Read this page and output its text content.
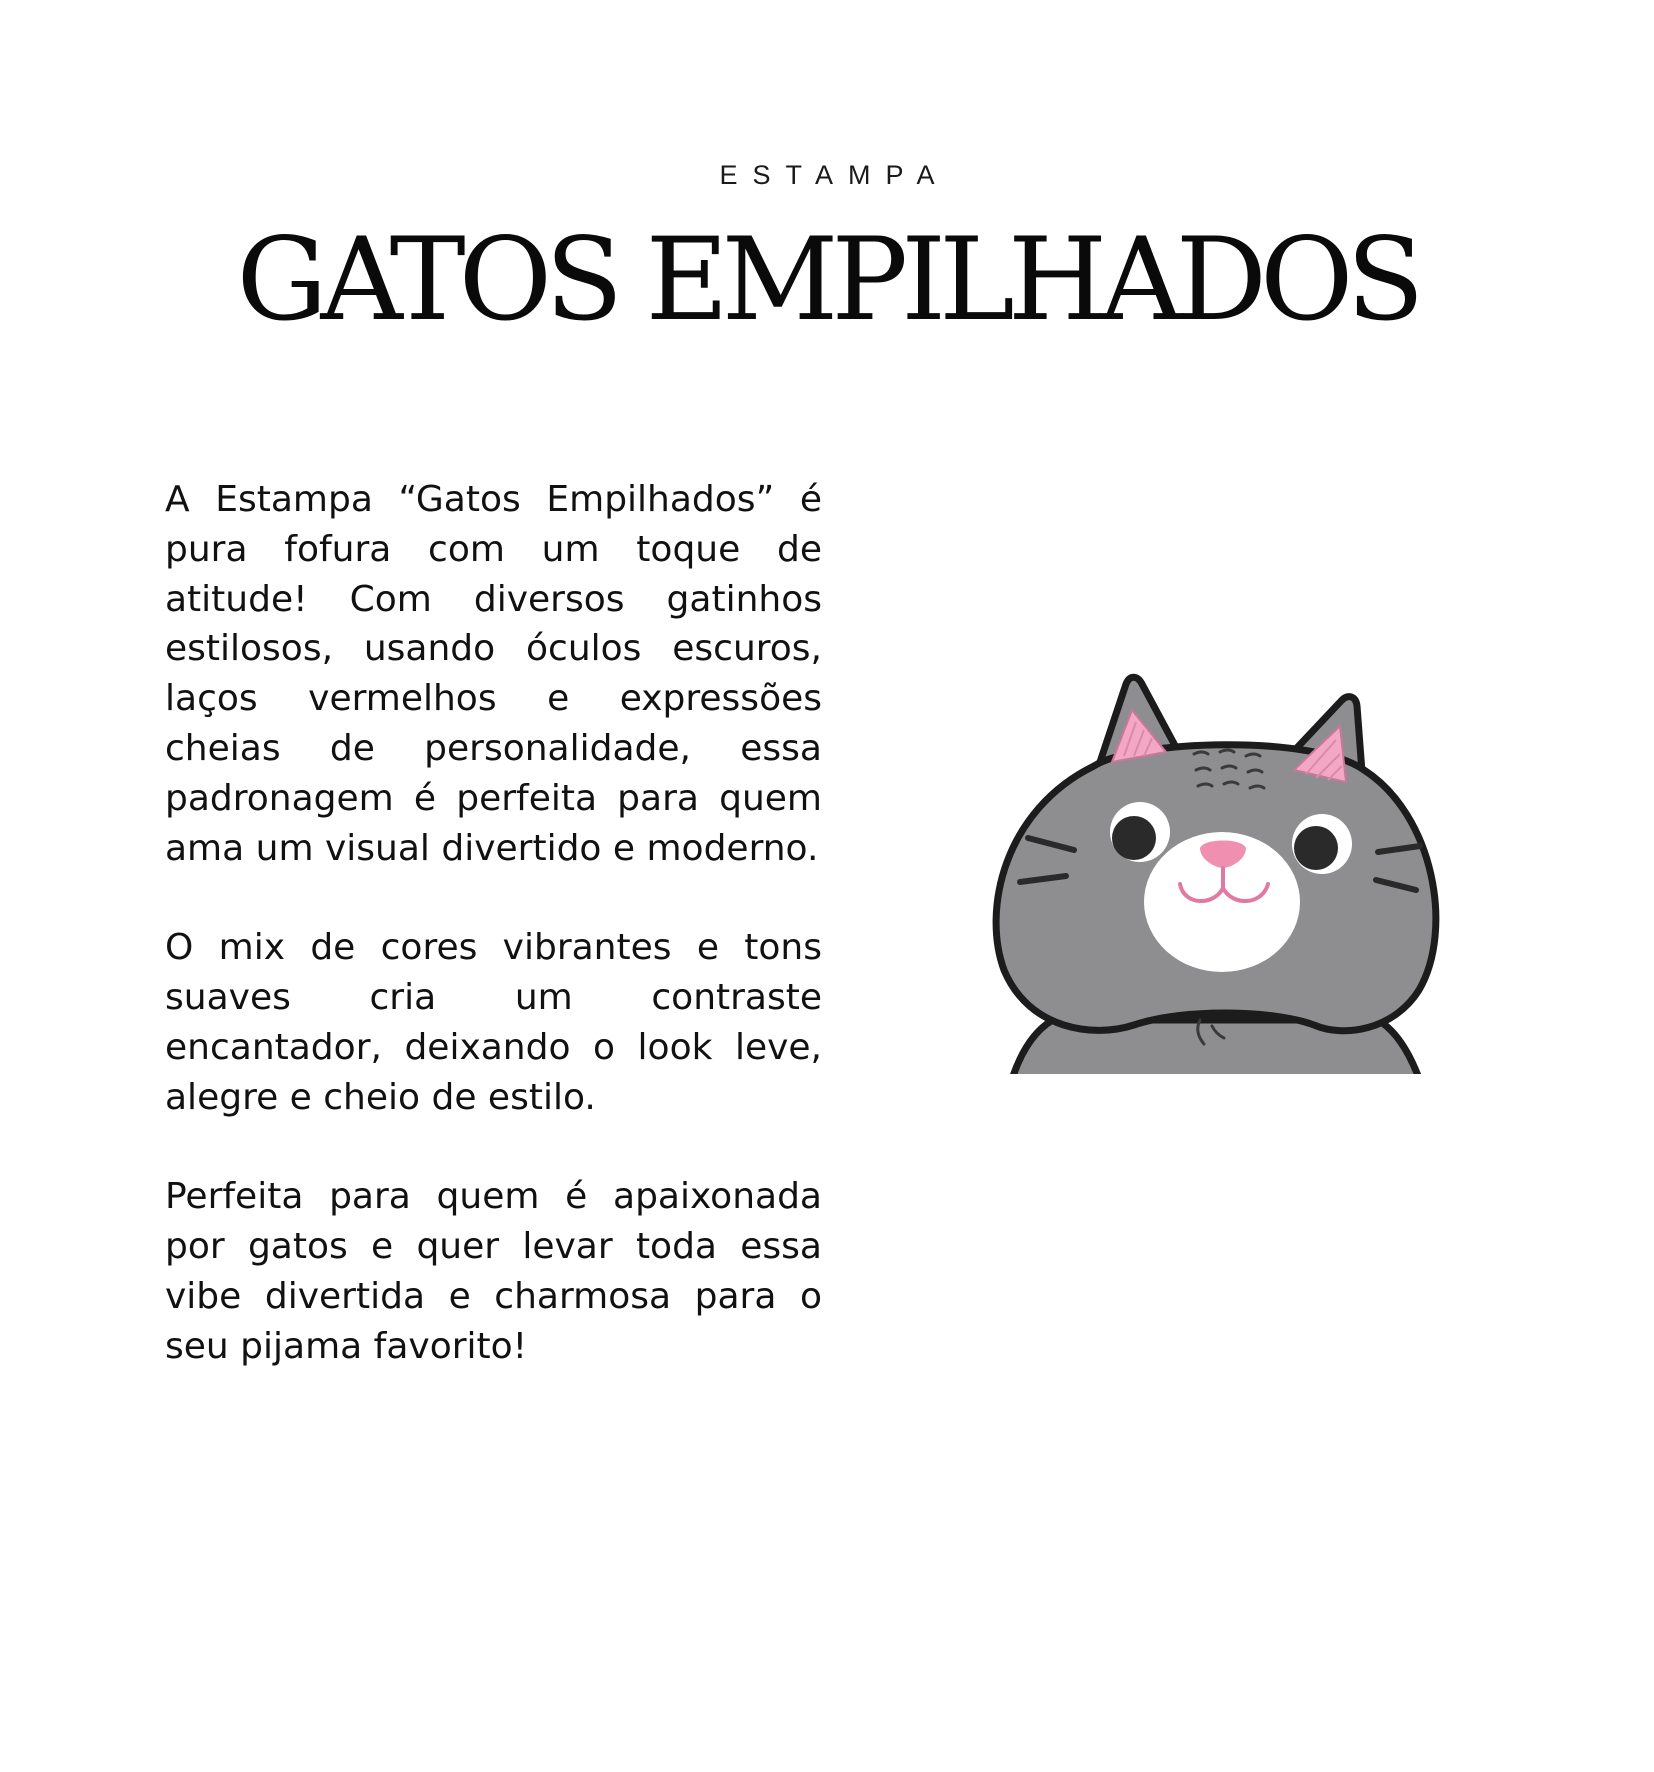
ESTAMPA
GATOS EMPILHADOS

A Estampa “Gatos Empilhados” é pura fofura com um toque de atitude! Com diversos gatinhos estilosos, usando óculos escuros, laços vermelhos e expressões cheias de personalidade, essa padronagem é perfeita para quem ama um visual divertido e moderno.

O mix de cores vibrantes e tons suaves cria um contraste encantador, deixando o look leve, alegre e cheio de estilo.

Perfeita para quem é apaixonada por gatos e quer levar toda essa vibe divertida e charmosa para o seu pijama favorito!
